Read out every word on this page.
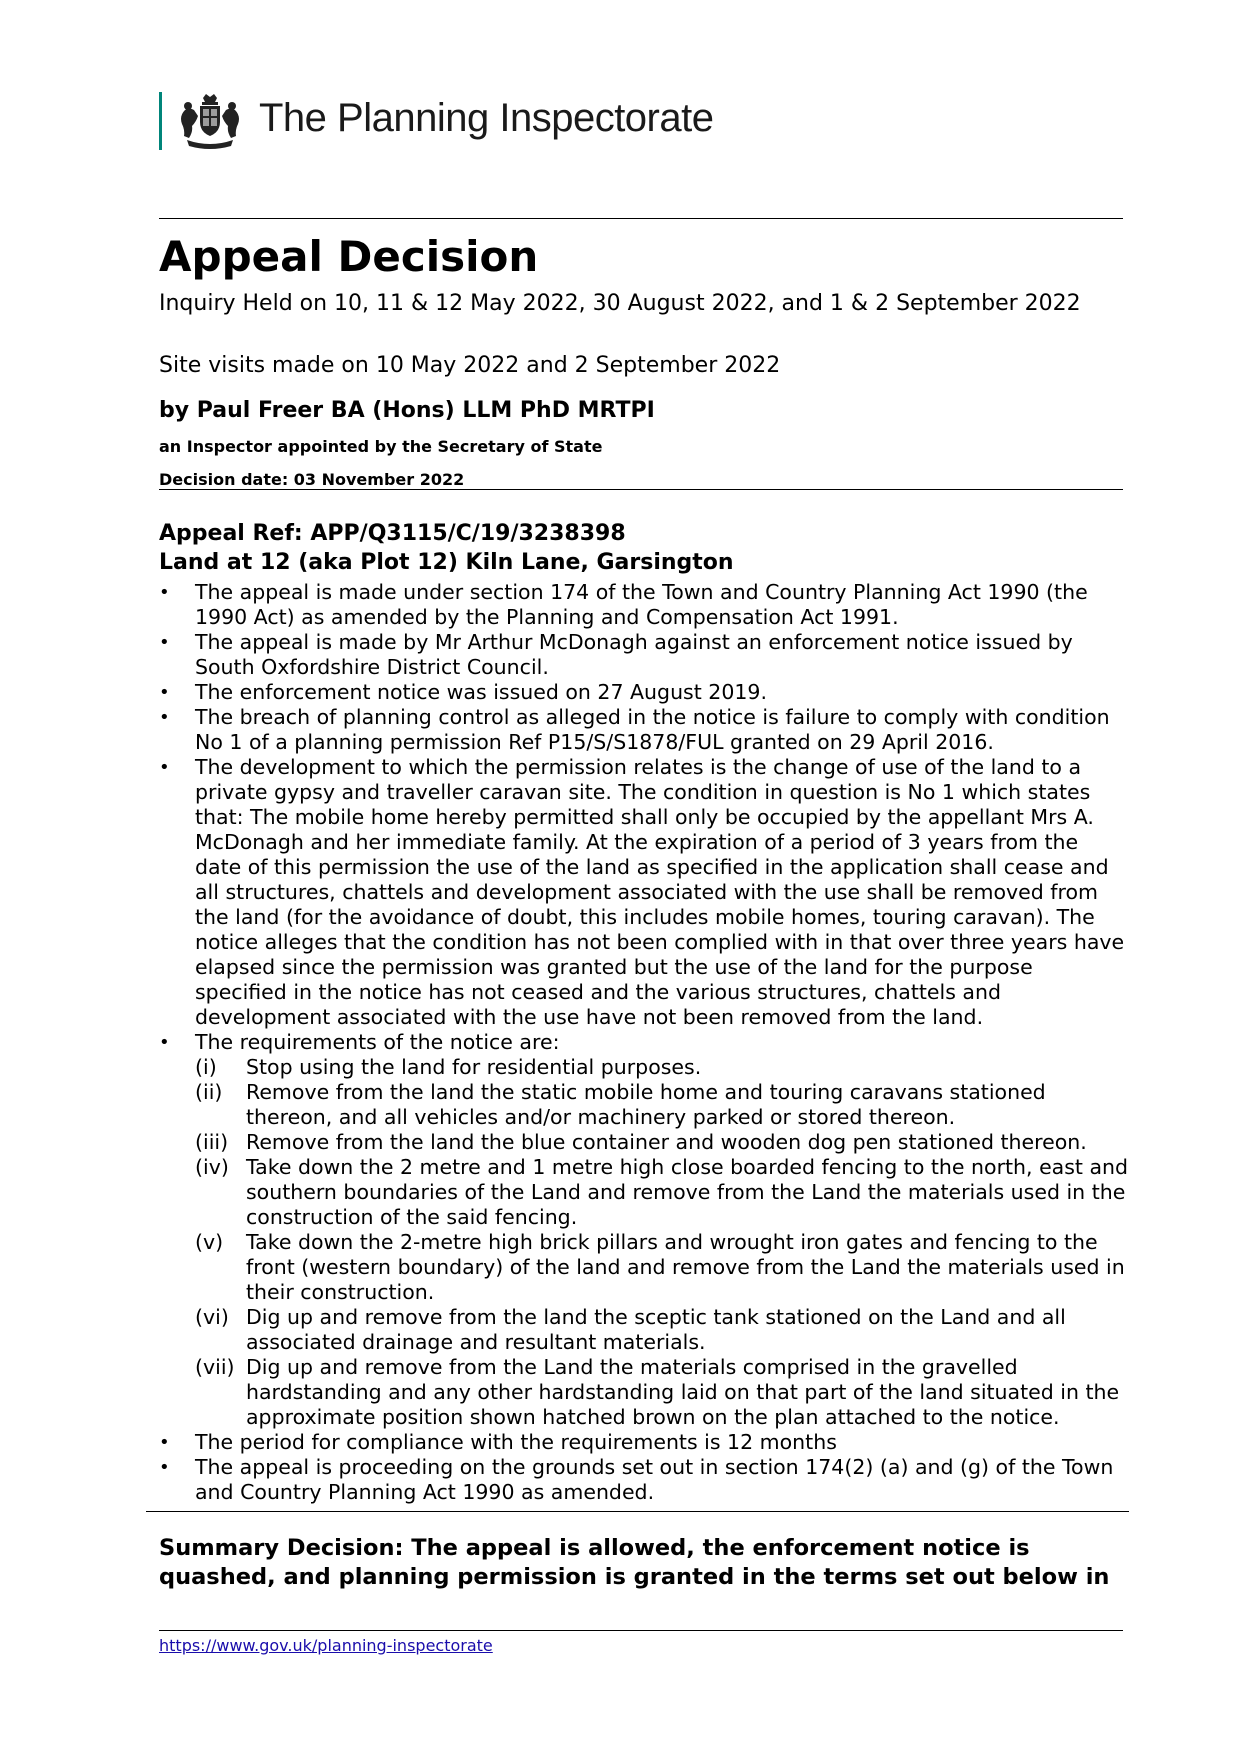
The Planning Inspectorate
Appeal Decision
Inquiry Held on 10, 11 & 12 May 2022, 30 August 2022, and 1 & 2 September 2022
Site visits made on 10 May 2022 and 2 September 2022
by Paul Freer BA (Hons) LLM PhD MRTPI
an Inspector appointed by the Secretary of State
Decision date: 03 November 2022
Appeal Ref: APP/Q3115/C/19/3238398
Land at 12 (aka Plot 12) Kiln Lane, Garsington
• The appeal is made under section 174 of the Town and Country Planning Act 1990 (the 1990 Act) as amended by the Planning and Compensation Act 1991.
• The appeal is made by Mr Arthur McDonagh against an enforcement notice issued by South Oxfordshire District Council.
• The enforcement notice was issued on 27 August 2019.
• The breach of planning control as alleged in the notice is failure to comply with condition No 1 of a planning permission Ref P15/S/S1878/FUL granted on 29 April 2016.
• The development to which the permission relates is the change of use of the land to a private gypsy and traveller caravan site. The condition in question is No 1 which states that: The mobile home hereby permitted shall only be occupied by the appellant Mrs A. McDonagh and her immediate family. At the expiration of a period of 3 years from the date of this permission the use of the land as specified in the application shall cease and all structures, chattels and development associated with the use shall be removed from the land (for the avoidance of doubt, this includes mobile homes, touring caravan). The notice alleges that the condition has not been complied with in that over three years have elapsed since the permission was granted but the use of the land for the purpose specified in the notice has not ceased and the various structures, chattels and development associated with the use have not been removed from the land.
• The requirements of the notice are:
(i) Stop using the land for residential purposes.
(ii) Remove from the land the static mobile home and touring caravans stationed thereon, and all vehicles and/or machinery parked or stored thereon.
(iii) Remove from the land the blue container and wooden dog pen stationed thereon.
(iv) Take down the 2 metre and 1 metre high close boarded fencing to the north, east and southern boundaries of the Land and remove from the Land the materials used in the construction of the said fencing.
(v) Take down the 2-metre high brick pillars and wrought iron gates and fencing to the front (western boundary) of the land and remove from the Land the materials used in their construction.
(vi) Dig up and remove from the land the sceptic tank stationed on the Land and all associated drainage and resultant materials.
(vii) Dig up and remove from the Land the materials comprised in the gravelled hardstanding and any other hardstanding laid on that part of the land situated in the approximate position shown hatched brown on the plan attached to the notice.
• The period for compliance with the requirements is 12 months
• The appeal is proceeding on the grounds set out in section 174(2) (a) and (g) of the Town and Country Planning Act 1990 as amended.
Summary Decision: The appeal is allowed, the enforcement notice is quashed, and planning permission is granted in the terms set out below in
https://www.gov.uk/planning-inspectorate
